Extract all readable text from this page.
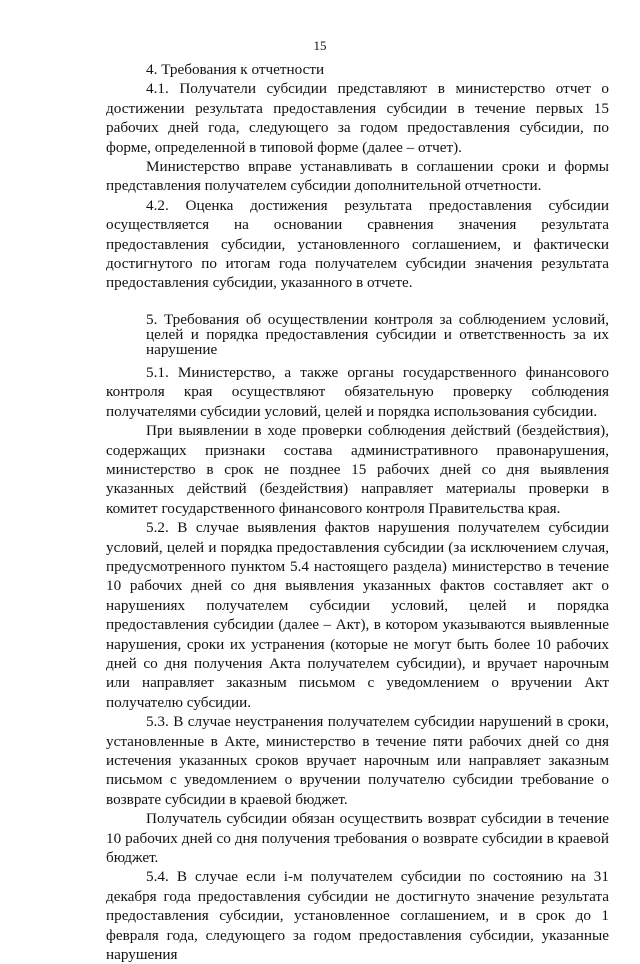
15

4. Требования к отчетности

4.1. Получатели субсидии представляют в министерство отчет о достижении результата предоставления субсидии в течение первых 15 рабочих дней года, следующего за годом предоставления субсидии, по форме, определенной в типовой форме (далее – отчет).

Министерство вправе устанавливать в соглашении сроки и формы представления получателем субсидии дополнительной отчетности.

4.2. Оценка достижения результата предоставления субсидии осуществляется на основании сравнения значения результата предоставления субсидии, установленного соглашением, и фактически достигнутого по итогам года получателем субсидии значения результата предоставления субсидии, указанного в отчете.

5. Требования об осуществлении контроля за соблюдением условий, целей и порядка предоставления субсидии и ответственность за их нарушение

5.1. Министерство, а также органы государственного финансового контроля края осуществляют обязательную проверку соблюдения получателями субсидии условий, целей и порядка использования субсидии.

При выявлении в ходе проверки соблюдения действий (бездействия), содержащих признаки состава административного правонарушения, министерство в срок не позднее 15 рабочих дней со дня выявления указанных действий (бездействия) направляет материалы проверки в комитет государственного финансового контроля Правительства края.

5.2. В случае выявления фактов нарушения получателем субсидии условий, целей и порядка предоставления субсидии (за исключением случая, предусмотренного пунктом 5.4 настоящего раздела) министерство в течение 10 рабочих дней со дня выявления указанных фактов составляет акт о нарушениях получателем субсидии условий, целей и порядка предоставления субсидии (далее – Акт), в котором указываются выявленные нарушения, сроки их устранения (которые не могут быть более 10 рабочих дней со дня получения Акта получателем субсидии), и вручает нарочным или направляет заказным письмом с уведомлением о вручении Акт получателю субсидии.

5.3. В случае неустранения получателем субсидии нарушений в сроки, установленные в Акте, министерство в течение пяти рабочих дней со дня истечения указанных сроков вручает нарочным или направляет заказным письмом с уведомлением о вручении получателю субсидии требование о возврате субсидии в краевой бюджет.

Получатель субсидии обязан осуществить возврат субсидии в течение 10 рабочих дней со дня получения требования о возврате субсидии в краевой бюджет.

5.4. В случае если i-м получателем субсидии по состоянию на 31 декабря года предоставления субсидии не достигнуто значение результата предоставления субсидии, установленное соглашением, и в срок до 1 февраля года, следующего за годом предоставления субсидии, указанные нарушения
